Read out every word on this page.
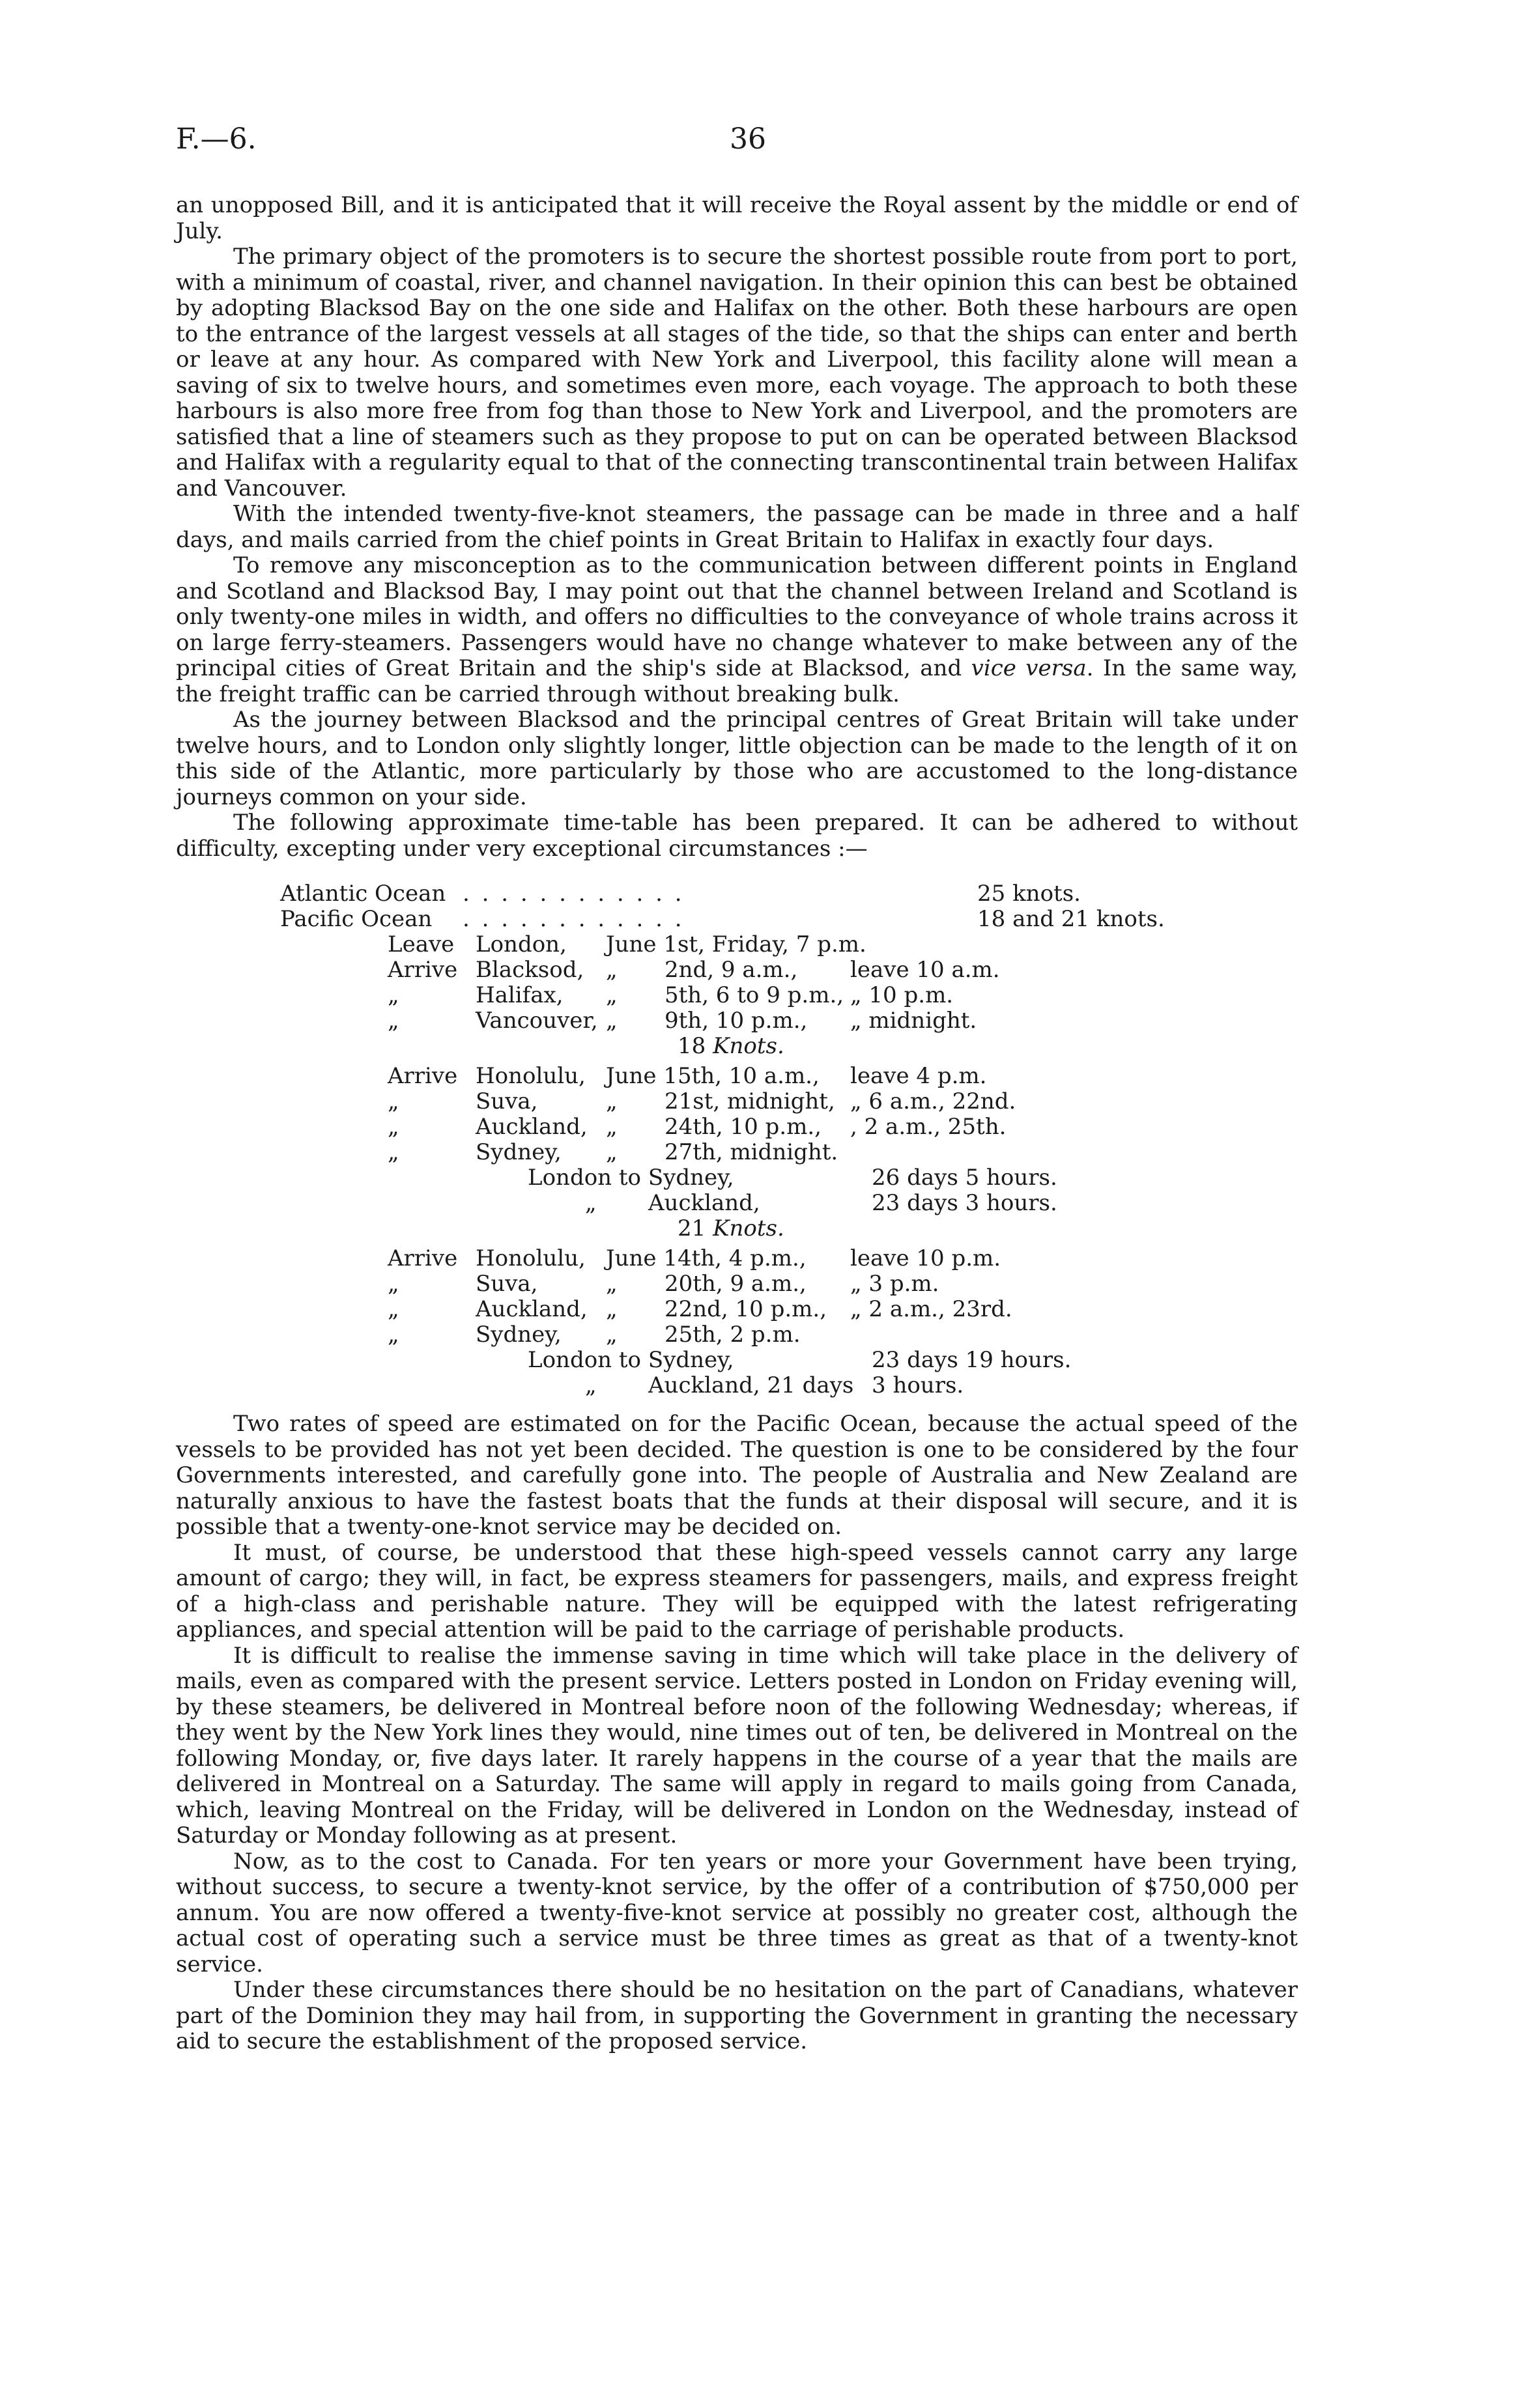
F.—6.	36

an unopposed Bill, and it is anticipated that it will receive the Royal assent by the middle or end of July.

The primary object of the promoters is to secure the shortest possible route from port to port, with a minimum of coastal, river, and channel navigation. In their opinion this can best be obtained by adopting Blacksod Bay on the one side and Halifax on the other. Both these harbours are open to the entrance of the largest vessels at all stages of the tide, so that the ships can enter and berth or leave at any hour. As compared with New York and Liverpool, this facility alone will mean a saving of six to twelve hours, and sometimes even more, each voyage. The approach to both these harbours is also more free from fog than those to New York and Liverpool, and the promoters are satisfied that a line of steamers such as they propose to put on can be operated between Blacksod and Halifax with a regularity equal to that of the connecting transcontinental train between Halifax and Vancouver.

With the intended twenty-five-knot steamers, the passage can be made in three and a half days, and mails carried from the chief points in Great Britain to Halifax in exactly four days.

To remove any misconception as to the communication between different points in England and Scotland and Blacksod Bay, I may point out that the channel between Ireland and Scotland is only twenty-one miles in width, and offers no difficulties to the conveyance of whole trains across it on large ferry-steamers. Passengers would have no change whatever to make between any of the principal cities of Great Britain and the ship's side at Blacksod, and vice versa. In the same way, the freight traffic can be carried through without breaking bulk.

As the journey between Blacksod and the principal centres of Great Britain will take under twelve hours, and to London only slightly longer, little objection can be made to the length of it on this side of the Atlantic, more particularly by those who are accustomed to the long-distance journeys common on your side.

The following approximate time-table has been prepared. It can be adhered to without difficulty, excepting under very exceptional circumstances :—

Atlantic Ocean . . . . . . . . . . . .	25 knots.
Pacific Ocean	. . . . . . . . . . . .	18 and 21 knots.
Leave London, June 1st, Friday, 7 p.m.
Arrive Blacksod, „ 2nd, 9 a.m., leave 10 a.m.
„	Halifax, „ 5th, 6 to 9 p.m., „ 10 p.m.
„	Vancouver, „ 9th, 10 p.m., „ midnight.
18 Knots.
Arrive Honolulu, June 15th, 10 a.m., leave 4 p.m.
„	Suva,	„ 21st, midnight, „ 6 a.m., 22nd.
„	Auckland, „ 24th, 10 p.m., , 2 a.m., 25th.
„	Sydney, „ 27th, midnight.
London to Sydney,	26 days 5 hours.
„ Auckland,	23 days 3 hours.
21 Knots.
Arrive Honolulu, June 14th, 4 p.m., leave 10 p.m.
„	Suva,	„ 20th, 9 a.m., „ 3 p.m.
„	Auckland, „ 22nd, 10 p.m., „ 2 a.m., 23rd.
„	Sydney, „ 25th, 2 p.m.
London to Sydney,	23 days 19 hours.
„ Auckland, 21 days 3 hours.

Two rates of speed are estimated on for the Pacific Ocean, because the actual speed of the vessels to be provided has not yet been decided. The question is one to be considered by the four Governments interested, and carefully gone into. The people of Australia and New Zealand are naturally anxious to have the fastest boats that the funds at their disposal will secure, and it is possible that a twenty-one-knot service may be decided on.

It must, of course, be understood that these high-speed vessels cannot carry any large amount of cargo; they will, in fact, be express steamers for passengers, mails, and express freight of a high-class and perishable nature. They will be equipped with the latest refrigerating appliances, and special attention will be paid to the carriage of perishable products.

It is difficult to realise the immense saving in time which will take place in the delivery of mails, even as compared with the present service. Letters posted in London on Friday evening will, by these steamers, be delivered in Montreal before noon of the following Wednesday; whereas, if they went by the New York lines they would, nine times out of ten, be delivered in Montreal on the following Monday, or, five days later. It rarely happens in the course of a year that the mails are delivered in Montreal on a Saturday. The same will apply in regard to mails going from Canada, which, leaving Montreal on the Friday, will be delivered in London on the Wednesday, instead of Saturday or Monday following as at present.

Now, as to the cost to Canada. For ten years or more your Government have been trying, without success, to secure a twenty-knot service, by the offer of a contribution of $750,000 per annum. You are now offered a twenty-five-knot service at possibly no greater cost, although the actual cost of operating such a service must be three times as great as that of a twenty-knot service.

Under these circumstances there should be no hesitation on the part of Canadians, whatever part of the Dominion they may hail from, in supporting the Government in granting the necessary aid to secure the establishment of the proposed service.
